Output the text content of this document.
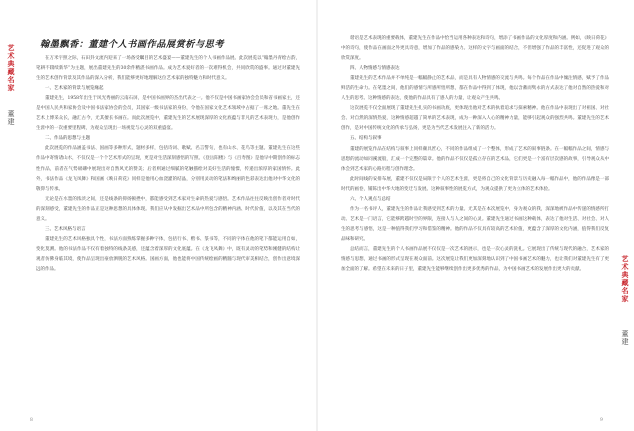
艺术典藏名家
董建
翰墨飘香：董建个人书画作品展赏析与思考

在万米宇照之际，石田卦文流内迎来了一场备受瞩目的艺术盛宴——董建先生的个人书画作品展。此次展览以“翰墨丹青绘古韵，笔耕不辍续新华”为主题，展出董建先生的30余件精湛书画作品。成为艺术爱好者的一次难得机会，共同欣赏的盛事。通过对董建先生的艺术创作背景及其作品的深入分析，我们能够更好地理解这位艺术家的独特魅力和时代意义。

一、艺术家的背景与展览缘起

董建先生，1958年出生于风光秀丽的云南石屏，是中国书画界的杰出代表之一。他不仅是中国书画家协会会员和省书画家主，还是中国人民共和家协会及中国书法家协会的会员，其国家一级书法家的身份，令他在国家文化艺术领域中占据了一席之地。董先生在艺术上博采众长，融汇古今，尤其擅长书画在。而此次展览中，董建先生的艺术展现深厚的文化底蕴与非凡的艺术表现力，是他创作生涯中的一次重要里程碑，为观众呈现出一场视觉与心灵的双重盛宴。

二、作品的思想与主题

此次展览的作品涵盖书法、国画等多种形式，题材多样，包括诗词、歌赋、名言警句，也有山水、花鸟等主题。董建先生在这些作品中寄情诸山水，不仅仅是一个个艺术形式的呈现，更是对生活深刻感悟的写照。《登岳阳楼》与《百寿图》是他早中期创作的标志性作品，前者在气势磅礴中展现出对自然风光的赞美；后者则通过细腻的笔触描绘对美好生活的憧憬，传递出浓厚的家国情怀。此外，书法作品《龙飞凤舞》和国画《映日荷花》同样是他用心血浇灌的结晶，分别用灵动的笔法和绚丽的色彩表达出他对中华文化的敬仰与传承。

无论是在水墨的浓淡之间，还是线条的抑扬顿挫中，都能感受到艺术家对生命的热爱与感悟。艺术作品往往反映出创作者对时代的深刻感受，董建先生的作品正是这种思想的具体体现。我们应从中发掘出艺术品中所包含的精神内涵、时代价值，以及其在当代的意义。

三、艺术风格与语言

董建先生的艺术风格独具个性，书法方面熟练掌握多种字体，包括行书、楷书、篆书等，不同的字体在他的笔下都能运用自如，变化莫测。他的书法作品不仅有着独特的线条美感，还蕴含着深厚的文化底蕴。在《龙飞凤舞》中，既有灵动的笔势和刚健的结构让观者仿佛身临其境，使作品呈现出豪放洒脱的艺术风格。国画方面，他也能将中国传统绘画的精髓与现代审美相结合，创作出意境深远的作品。

8

谐语是艺术表现的重要载体，董建先生在作品中恰当运用各种表达和诗句，增添了书画作品的文化厚度和内涵。例如，《映日荷花》中的诗句，使作品在画面之外更具诗意，增加了作品的感染力。这样的文字与画面的结合，不但增强了作品的丰富性，还促进了观众的欣赏深度。

四、人物情感与情感表达

董建先生的艺术作品并不单纯是一幅幅静止的艺术品，而是具有人物情感的交流与共鸣。每个作品在作品中倾注情感，赋予了作品鲜活的生命力。在笔墨之间，他们的感情与所感所悟所想，都在作品中得到了体现，他以含蓄而隽永的方式表达了他对自然的热爱和对人生的思考。这种情感的表达，使他的作品具有了感人的力量，让观众产生共鸣。

这次展览不仅全面展现了董建先生扎实的书画功底，更体现出他对艺术的执着追求与探索精神。他在作品中表现出了对祖国、对社会、对自然的深情热爱，这种情感超越了简单的艺术表现，成为一种深入人心的精神力量，能够引起观众的强烈共鸣。董建先生的艺术创作，是对中国传统文化的传承与弘扬，更是为当代艺术发展注入了新的活力。

五、结构与叙事

董建的展览作品在结构与叙事上同样颇具匠心，不同的作品组成了一个整体，形成了艺术的叙事链条。在一幅幅作品之间，情感与思想的流动如同溪流般，汇成一个完整的篇章。他的作品不仅仅是孤立存在的艺术品，它们更是一个富有层次感的故事，引导观众从中体会到艺术家的心路历程与创作理念。

此时间线的安排布展，董建不仅仅是局限于个人的艺术生涯，更是将自己的文化背景与历史融入每一幅作品中，他的作品像是一部时代的画卷，铺陈出中华大地的变迁与发展。这种叙事性的展览方式，为观众提供了更为立体的艺术体验。

六、个人观点与总结

作为一名书评人，董建先生的作品让我感受到艺术的力量。尤其是在本次展览中，身为观众的我，深深地被作品中传递的情感所打动。艺术是一门语言，它能够跨越时空的界限，连接人与人之间的心灵。董建先生通过书画这种载体，表达了他对生活、对社会、对人生的思考与感悟，这是一种值得我们学习和借鉴的精神。他的作品不仅具有较高的艺术价值，更蕴含了深厚的文化内涵，值得我们反复品味和研究。

总结而言，董建先生的个人书画作品展不仅仅是一次艺术的展示，也是一次心灵的洗礼。它展现出了传统与现代的融合，艺术家的情感与思想，通过书画的形式呈现在观众面前。这次展览让我们更加深刻地认识到了中国书画艺术的魅力，也让我们对董建先生有了更加全面的了解。希望在未来的日子里，董建先生能够继续创作出更多优秀的作品，为中国书画艺术的发展作出更大的贡献。

艺术典藏名家
董建
9
